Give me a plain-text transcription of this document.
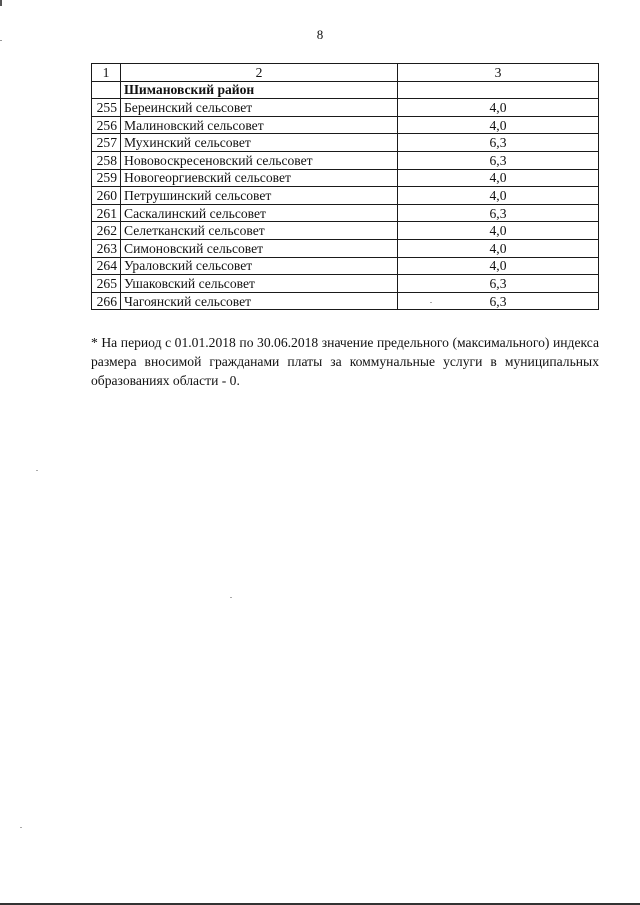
8
1	2	3
	Шимановский район	
255	Береинский сельсовет	4,0
256	Малиновский сельсовет	4,0
257	Мухинский сельсовет	6,3
258	Нововоскресеновский сельсовет	6,3
259	Новогеоргиевский сельсовет	4,0
260	Петрушинский сельсовет	4,0
261	Саскалинский сельсовет	6,3
262	Селетканский сельсовет	4,0
263	Симоновский сельсовет	4,0
264	Ураловский сельсовет	4,0
265	Ушаковский сельсовет	6,3
266	Чагоянский сельсовет	6,3
* На период с 01.01.2018 по 30.06.2018 значение предельного (максимального) индекса размера вносимой гражданами платы за коммунальные услуги в муниципальных образованиях области - 0.
